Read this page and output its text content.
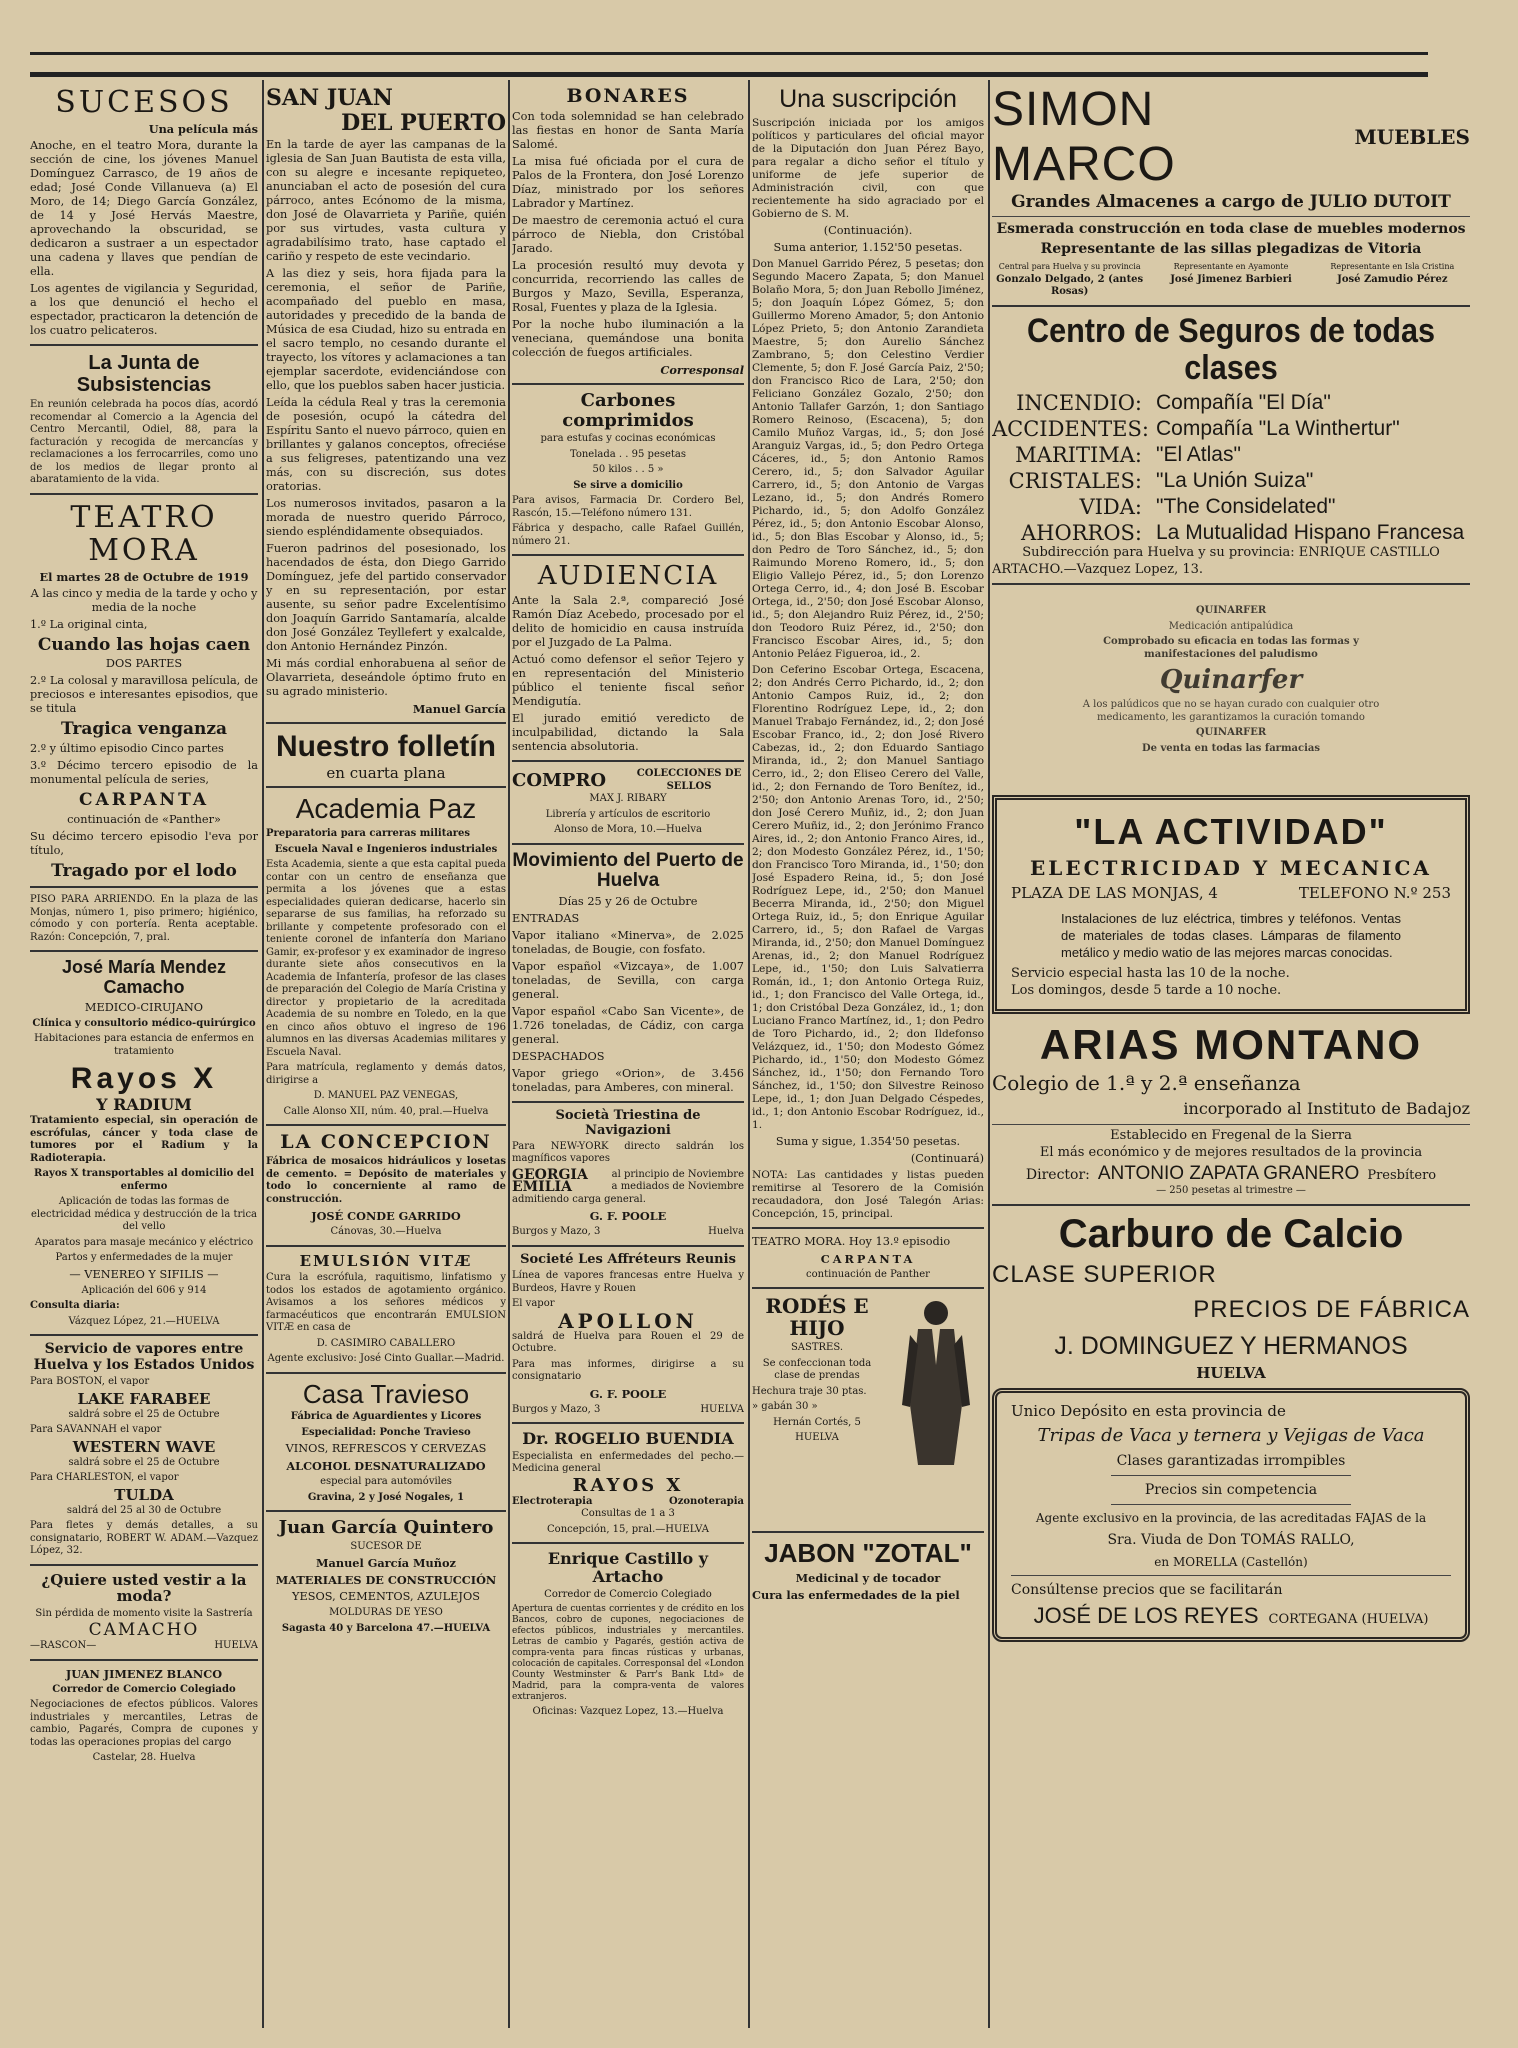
SUCESOS

Una película más

Anoche, en el teatro Mora, durante la sección de cine, los jóvenes Manuel Domínguez Carrasco, de 19 años de edad; José Conde Villanueva (a) El Moro, de 14; Diego García González, de 14 y José Hervás Maestre, aprovechando la obscuridad, se dedicaron a sustraer a un espectador una cadena y llaves que pendían de ella.

Los agentes de vigilancia y Seguridad, a los que denunció el hecho el espectador, practicaron la detención de los cuatro pelicateros.

La Junta de Subsistencias

En reunión celebrada ha pocos días, acordó recomendar al Comercio a la Agencia del Centro Mercantil, Odiel, 88, para la facturación y recogida de mercancías y reclamaciones a los ferrocarriles, como uno de los medios de llegar pronto al abaratamiento de la vida.

TEATRO MORA

El martes 28 de Octubre de 1919

A las cinco y media de la tarde y ocho y media de la noche

1.º La original cinta,

Cuando las hojas caen

DOS PARTES

2.º La colosal y maravillosa película, de preciosos e interesantes episodios, que se titula

Tragica venganza

2.º y último episodio Cinco partes

3.º Décimo tercero episodio de la monumental película de series,

CARPANTA

continuación de «Panther»

Su décimo tercero episodio l'eva por título,

Tragado por el lodo

PISO PARA ARRIENDO. En la plaza de las Monjas, número 1, piso primero; higiénico, cómodo y con portería. Renta aceptable. Razón: Concepción, 7, pral.

José María Mendez Camacho

MEDICO-CIRUJANO

Clínica y consultorio médico-quirúrgico

Habitaciones para estancia de enfermos en tratamiento

Rayos X

Y RADIUM

Tratamiento especial, sin operación de escrófulas, cáncer y toda clase de tumores por el Radium y la Radioterapia.

Rayos X transportables al domicilio del enfermo

Aplicación de todas las formas de electricidad médica y destrucción de la trica del vello

Aparatos para masaje mecánico y eléctrico

Partos y enfermedades de la mujer

— VENEREO Y SIFILIS —

Aplicación del 606 y 914

Consulta diaria:

Vázquez López, 21.—HUELVA

Servicio de vapores entre Huelva y los Estados Unidos

Para BOSTON, el vapor

LAKE FARABEE

saldrá sobre el 25 de Octubre

Para SAVANNAH el vapor

WESTERN WAVE

saldrá sobre el 25 de Octubre

Para CHARLESTON, el vapor

TULDA

saldrá del 25 al 30 de Octubre

Para fletes y demás detalles, a su consignatario, ROBERT W. ADAM.—Vazquez López, 32.

¿Quiere usted vestir a la moda?

Sin pérdida de momento visite la Sastrería

CAMACHO

—RASCON—	HUELVA

JUAN JIMENEZ BLANCO

Corredor de Comercio Colegiado

Negociaciones de efectos públicos. Valores industriales y mercantiles, Letras de cambio, Pagarés, Compra de cupones y todas las operaciones propias del cargo

Castelar, 28. Huelva

SAN JUAN
DEL PUERTO

En la tarde de ayer las campanas de la iglesia de San Juan Bautista de esta villa, con su alegre e incesante repiqueteo, anunciaban el acto de posesión del cura párroco, antes Ecónomo de la misma, don José de Olavarrieta y Pariñe, quién por sus virtudes, vasta cultura y agradabilísimo trato, hase captado el cariño y respeto de este vecindario.

A las diez y seis, hora fijada para la ceremonia, el señor de Pariñe, acompañado del pueblo en masa, autoridades y precedido de la banda de Música de esa Ciudad, hizo su entrada en el sacro templo, no cesando durante el trayecto, los vítores y aclamaciones a tan ejemplar sacerdote, evidenciándose con ello, que los pueblos saben hacer justicia.

Leída la cédula Real y tras la ceremonia de posesión, ocupó la cátedra del Espíritu Santo el nuevo párroco, quien en brillantes y galanos conceptos, ofreciése a sus feligreses, patentizando una vez más, con su discreción, sus dotes oratorias.

Los numerosos invitados, pasaron a la morada de nuestro querido Párroco, siendo espléndidamente obsequiados.

Fueron padrinos del posesionado, los hacendados de ésta, don Diego Garrido Domínguez, jefe del partido conservador y en su representación, por estar ausente, su señor padre Excelentísimo don Joaquín Garrido Santamaría, alcalde don José González Teyllefert y exalcalde, don Antonio Hernández Pinzón.

Mi más cordial enhorabuena al señor de Olavarrieta, deseándole óptimo fruto en su agrado ministerio.

Manuel García

Nuestro folletín

en cuarta plana

Academia Paz

Preparatoria para carreras militares

Escuela Naval e Ingenieros industriales

Esta Academia, siente a que esta capital pueda contar con un centro de enseñanza que permita a los jóvenes que a estas especialidades quieran dedicarse, hacerlo sin separarse de sus familias, ha reforzado su brillante y competente profesorado con el teniente coronel de infantería don Mariano Gamir, ex-profesor y ex examinador de ingreso durante siete años consecutivos en la Academia de Infantería, profesor de las clases de preparación del Colegio de María Cristina y director y propietario de la acreditada Academia de su nombre en Toledo, en la que en cinco años obtuvo el ingreso de 196 alumnos en las diversas Academias militares y Escuela Naval.

Para matrícula, reglamento y demás datos, dirigirse a

D. MANUEL PAZ VENEGAS,

Calle Alonso XII, núm. 40, pral.—Huelva

LA CONCEPCION

Fábrica de mosaicos hidráulicos y losetas de cemento. = Depósito de materiales y todo lo concerniente al ramo de construcción.

JOSÉ CONDE GARRIDO

Cánovas, 30.—Huelva

EMULSIÓN VITÆ

Cura la escrófula, raquitismo, linfatismo y todos los estados de agotamiento orgánico. Avisamos a los señores médicos y farmacéuticos que encontrarán EMULSION VITÆ en casa de

D. CASIMIRO CABALLERO

Agente exclusivo: José Cinto Guallar.—Madrid.

Casa Travieso

Fábrica de Aguardientes y Licores

Especialidad: Ponche Travieso

VINOS, REFRESCOS Y CERVEZAS

ALCOHOL DESNATURALIZADO

especial para automóviles

Gravina, 2 y José Nogales, 1

Juan García Quintero

SUCESOR DE

Manuel García Muñoz

MATERIALES DE CONSTRUCCIÓN

YESOS, CEMENTOS, AZULEJOS

MOLDURAS DE YESO

Sagasta 40 y Barcelona 47.—HUELVA

BONARES

Con toda solemnidad se han celebrado las fiestas en honor de Santa María Salomé.

La misa fué oficiada por el cura de Palos de la Frontera, don José Lorenzo Díaz, ministrado por los señores Labrador y Martínez.

De maestro de ceremonia actuó el cura párroco de Niebla, don Cristóbal Jarado.

La procesión resultó muy devota y concurrida, recorriendo las calles de Burgos y Mazo, Sevilla, Esperanza, Rosal, Fuentes y plaza de la Iglesia.

Por la noche hubo iluminación a la veneciana, quemándose una bonita colección de fuegos artificiales.

Corresponsal

Carbones comprimidos

para estufas y cocinas económicas

Tonelada . . 95 pesetas

50 kilos . . 5 »

Se sirve a domicilio

Para avisos, Farmacia Dr. Cordero Bel, Rascón, 15.—Teléfono número 131.

Fábrica y despacho, calle Rafael Guillén, número 21.

AUDIENCIA

Ante la Sala 2.ª, compareció José Ramón Díaz Acebedo, procesado por el delito de homicidio en causa instruída por el Juzgado de La Palma.

Actuó como defensor el señor Tejero y en representación del Ministerio público el teniente fiscal señor Mendigutía.

El jurado emitió veredicto de inculpabilidad, dictando la Sala sentencia absolutoria.

COMPRO	COLECCIONES DE SELLOS

MAX J. RIBARY

Librería y artículos de escritorio

Alonso de Mora, 10.—Huelva

Movimiento del Puerto de Huelva

Días 25 y 26 de Octubre

ENTRADAS

Vapor italiano «Minerva», de 2.025 toneladas, de Bougie, con fosfato.

Vapor español «Vizcaya», de 1.007 toneladas, de Sevilla, con carga general.

Vapor español «Cabo San Vicente», de 1.726 toneladas, de Cádiz, con carga general.

DESPACHADOS

Vapor griego «Orion», de 3.456 toneladas, para Amberes, con mineral.

Società Triestina de Navigazioni

Para NEW-YORK directo saldrán los magníficos vapores

GEORGIA al principio de Noviembre
EMILIA	a mediados de Noviembre

admitiendo carga general.

G. F. POOLE

Burgos y Mazo, 3	Huelva
Societé Les Affréteurs Reunis

Línea de vapores francesas entre Huelva y Burdeos, Havre y Rouen

El vapor

APOLLON

saldrá de Huelva para Rouen el 29 de Octubre.

Para mas informes, dirigirse a su consignatario

G. F. POOLE

Burgos y Mazo, 3	HUELVA
Dr. ROGELIO BUENDIA

Especialista en enfermedades del pecho.—Medicina general

RAYOS X

Electroterapia	Ozonoterapia

Consultas de 1 a 3

Concepción, 15, pral.—HUELVA

Enrique Castillo y Artacho

Corredor de Comercio Colegiado

Apertura de cuentas corrientes y de crédito en los Bancos, cobro de cupones, negociaciones de efectos públicos, industriales y mercantiles. Letras de cambio y Pagarés, gestión activa de compra-venta para fincas rústicas y urbanas, colocación de capitales. Corresponsal del «London County Westminster & Parr's Bank Ltd» de Madrid, para la compra-venta de valores extranjeros.

Oficinas: Vazquez Lopez, 13.—Huelva

Una suscripción

Suscripción iniciada por los amigos políticos y particulares del oficial mayor de la Diputación don Juan Pérez Bayo, para regalar a dicho señor el título y uniforme de jefe superior de Administración civil, con que recientemente ha sido agraciado por el Gobierno de S. M.

(Continuación).

Suma anterior, 1.152'50 pesetas.

Don Manuel Garrido Pérez, 5 pesetas; don Segundo Macero Zapata, 5; don Manuel Bolaño Mora, 5; don Juan Rebollo Jiménez, 5; don Joaquín López Gómez, 5; don Guillermo Moreno Amador, 5; don Antonio López Prieto, 5; don Antonio Zarandieta Maestre, 5; don Aurelio Sánchez Zambrano, 5; don Celestino Verdier Clemente, 5; don F. José García Paiz, 2'50; don Francisco Rico de Lara, 2'50; don Feliciano González Gozalo, 2'50; don Antonio Tallafer Garzón, 1; don Santiago Romero Reinoso, (Escacena), 5; don Camilo Muñoz Vargas, id., 5; don José Aranguiz Vargas, id., 5; don Pedro Ortega Cáceres, id., 5; don Antonio Ramos Cerero, id., 5; don Salvador Aguilar Carrero, id., 5; don Antonio de Vargas Lezano, id., 5; don Andrés Romero Pichardo, id., 5; don Adolfo González Pérez, id., 5; don Antonio Escobar Alonso, id., 5; don Blas Escobar y Alonso, id., 5; don Pedro de Toro Sánchez, id., 5; don Raimundo Moreno Romero, id., 5; don Eligio Vallejo Pérez, id., 5; don Lorenzo Ortega Cerro, id., 4; don José B. Escobar Ortega, id., 2'50; don José Escobar Alonso, id., 5; don Alejandro Ruiz Pérez, id., 2'50; don Teodoro Ruiz Pérez, id., 2'50; don Francisco Escobar Aires, id., 5; don Antonio Peláez Figueroa, id., 2.

Don Ceferino Escobar Ortega, Escacena, 2; don Andrés Cerro Pichardo, id., 2; don Antonio Campos Ruiz, id., 2; don Florentino Rodríguez Lepe, id., 2; don Manuel Trabajo Fernández, id., 2; don José Escobar Franco, id., 2; don José Rivero Cabezas, id., 2; don Eduardo Santiago Miranda, id., 2; don Manuel Santiago Cerro, id., 2; don Eliseo Cerero del Valle, id., 2; don Fernando de Toro Benítez, id., 2'50; don Antonio Arenas Toro, id., 2'50; don José Cerero Muñiz, id., 2; don Juan Cerero Muñiz, id., 2; don Jerónimo Franco Aires, id., 2; don Antonio Franco Aires, id., 2; don Modesto González Pérez, id., 1'50; don Francisco Toro Miranda, id., 1'50; don José Espadero Reina, id., 5; don José Rodríguez Lepe, id., 2'50; don Manuel Becerra Miranda, id., 2'50; don Miguel Ortega Ruiz, id., 5; don Enrique Aguilar Carrero, id., 5; don Rafael de Vargas Miranda, id., 2'50; don Manuel Domínguez Arenas, id., 2; don Manuel Rodríguez Lepe, id., 1'50; don Luis Salvatierra Román, id., 1; don Antonio Ortega Ruiz, id., 1; don Francisco del Valle Ortega, id., 1; don Cristóbal Deza González, id., 1; don Luciano Franco Martínez, id., 1; don Pedro de Toro Pichardo, id., 2; don Ildefonso Velázquez, id., 1'50; don Modesto Gómez Pichardo, id., 1'50; don Modesto Gómez Sánchez, id., 1'50; don Fernando Toro Sánchez, id., 1'50; don Silvestre Reinoso Lepe, id., 1; don Juan Delgado Céspedes, id., 1; don Antonio Escobar Rodríguez, id., 1.

Suma y sigue, 1.354'50 pesetas.

(Continuará)

NOTA: Las cantidades y listas pueden remitirse al Tesorero de la Comisión recaudadora, don José Talegón Arias: Concepción, 15, principal.

TEATRO MORA. Hoy 13.º episodio

CARPANTA

continuación de Panther

RODÉS E HIJO

SASTRES.

Se confeccionan toda clase de prendas

Hechura traje 30 ptas.

» gabán 30 »

Hernán Cortés, 5

HUELVA

JABON "ZOTAL"

Medicinal y de tocador

Cura las enfermedades de la piel

SIMON MARCO
MUEBLES

Grandes Almacenes a cargo de JULIO DUTOIT

Esmerada construcción en toda clase de muebles modernos

Representante de las sillas plegadizas de Vitoria

Central para Huelva y su provincia
Gonzalo Delgado, 2 (antes Rosas)
Representante en Ayamonte
José Jimenez Barbieri
Representante en Isla Cristina
José Zamudio Pérez
Centro de Seguros de todas clases
INCENDIO: Compañía "El Día"
ACCIDENTES: Compañía "La Winthertur"
MARITIMA: "El Atlas"
CRISTALES: "La Unión Suiza"
VIDA: "The Considelated"
AHORROS: La Mutualidad Hispano Francesa

Subdirección para Huelva y su provincia: ENRIQUE CASTILLO

ARTACHO.—Vazquez Lopez, 13.

QUINARFER

Medicación antipalúdica

Comprobado su eficacia en todas las formas y manifestaciones del paludismo

Quinarfer

A los palúdicos que no se hayan curado con cualquier otro medicamento, les garantizamos la curación tomando

QUINARFER

De venta en todas las farmacias

"LA ACTIVIDAD"

ELECTRICIDAD Y MECANICA

PLAZA DE LAS MONJAS, 4	TELEFONO N.º 253

Instalaciones de luz eléctrica, timbres y teléfonos. Ventas de materiales de todas clases. Lámparas de filamento metálico y medio watio de las mejores marcas conocidas.

Servicio especial hasta las 10 de la noche.

Los domingos, desde 5 tarde a 10 noche.

ARIAS MONTANO

Colegio de 1.ª y 2.ª enseñanza

incorporado al Instituto de Badajoz

Establecido en Fregenal de la Sierra

El más económico y de mejores resultados de la provincia

Director: ANTONIO ZAPATA GRANERO Presbítero

— 250 pesetas al trimestre —

Carburo de Calcio

CLASE SUPERIOR

PRECIOS DE FÁBRICA

J. DOMINGUEZ Y HERMANOS

HUELVA

Unico Depósito en esta provincia de

Tripas de Vaca y ternera y Vejigas de Vaca

Clases garantizadas irrompibles

Precios sin competencia

Agente exclusivo en la provincia, de las acreditadas FAJAS de la

Sra. Viuda de Don TOMÁS RALLO,

en MORELLA (Castellón)

Consúltense precios que se facilitarán

JOSÉ DE LOS REYES CORTEGANA (HUELVA)
